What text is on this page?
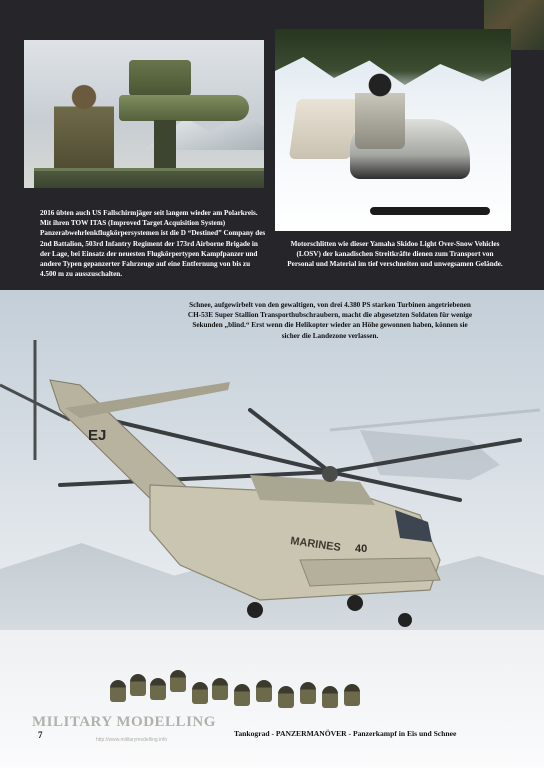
2016 übten auch US Fallschirmjäger seit langem wieder am Polarkreis. Mit ihren TOW ITAS (Improved Target Acquisition System) Panzerabwehrlenkflugkörpersystemen ist die D “Destined” Company des 2nd Battalion, 503rd Infantry Regiment der 173rd Airborne Brigade in der Lage, bei Einsatz der neuesten Flugkörpertypen Kampfpanzer und andere Typen gepanzerter Fahrzeuge auf eine Entfernung von bis zu 4.500 m zu ausszuschalten.

Motorschlitten wie dieser Yamaha Skidoo Light Over-Snow Vehicles (LOSV) der kanadischen Streitkräfte dienen zum Transport von Personal und Material im tief verschneiten und unwegsamen Gelände.

EJ
MARINES 40

Schnee, aufgewirbelt von den gewaltigen, von drei 4.380 PS starken Turbinen angetriebenen CH-53E Super Stallion Transporthubschraubern, macht die abgesetzten Soldaten für wenige Sekunden „blind.“ Erst wenn die Helikopter wieder an Höhe gewonnen haben, können sie sicher die Landezone verlassen.

MILITARY MODELLING
http://www.militarymodelling.info
7	Tankograd - PANZERMANÖVER - Panzerkampf in Eis und Schnee
